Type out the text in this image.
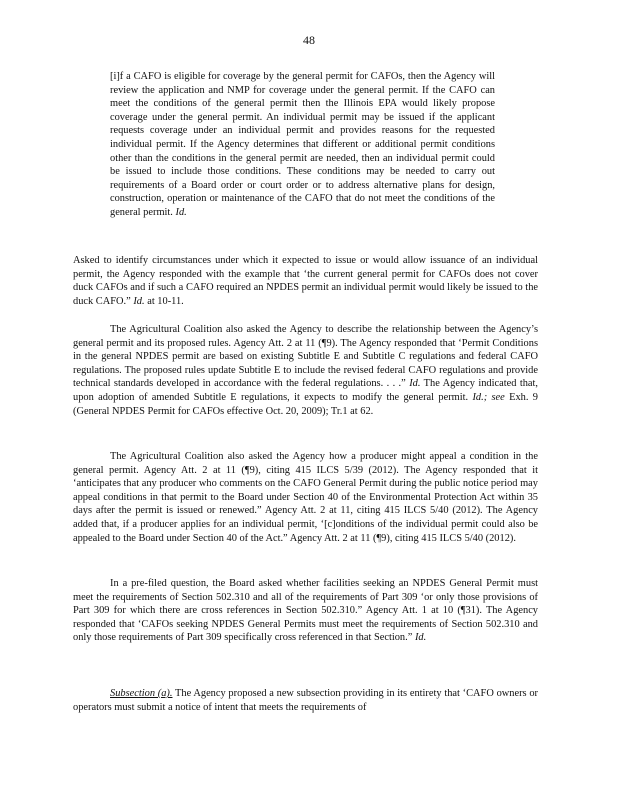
48

[i]f a CAFO is eligible for coverage by the general permit for CAFOs, then the Agency will review the application and NMP for coverage under the general permit. If the CAFO can meet the conditions of the general permit then the Illinois EPA would likely propose coverage under the general permit. An individual permit may be issued if the applicant requests coverage under an individual permit and provides reasons for the requested individual permit. If the Agency determines that different or additional permit conditions other than the conditions in the general permit are needed, then an individual permit could be issued to include those conditions. These conditions may be needed to carry out requirements of a Board order or court order or to address alternative plans for design, construction, operation or maintenance of the CAFO that do not meet the conditions of the general permit. Id.

Asked to identify circumstances under which it expected to issue or would allow issuance of an individual permit, the Agency responded with the example that ‘the current general permit for CAFOs does not cover duck CAFOs and if such a CAFO required an NPDES permit an individual permit would likely be issued to the duck CAFO.” Id. at 10-11.

The Agricultural Coalition also asked the Agency to describe the relationship between the Agency’s general permit and its proposed rules. Agency Att. 2 at 11 (¶9). The Agency responded that ‘Permit Conditions in the general NPDES permit are based on existing Subtitle E and Subtitle C regulations and federal CAFO regulations. The proposed rules update Subtitle E to include the revised federal CAFO regulations and provide technical standards developed in accordance with the federal regulations. . . .” Id. The Agency indicated that, upon adoption of amended Subtitle E regulations, it expects to modify the general permit. Id.; see Exh. 9 (General NPDES Permit for CAFOs effective Oct. 20, 2009); Tr.1 at 62.

The Agricultural Coalition also asked the Agency how a producer might appeal a condition in the general permit. Agency Att. 2 at 11 (¶9), citing 415 ILCS 5/39 (2012). The Agency responded that it ‘anticipates that any producer who comments on the CAFO General Permit during the public notice period may appeal conditions in that permit to the Board under Section 40 of the Environmental Protection Act within 35 days after the permit is issued or renewed.” Agency Att. 2 at 11, citing 415 ILCS 5/40 (2012). The Agency added that, if a producer applies for an individual permit, ‘[c]onditions of the individual permit could also be appealed to the Board under Section 40 of the Act.” Agency Att. 2 at 11 (¶9), citing 415 ILCS 5/40 (2012).

In a pre-filed question, the Board asked whether facilities seeking an NPDES General Permit must meet the requirements of Section 502.310 and all of the requirements of Part 309 ‘or only those provisions of Part 309 for which there are cross references in Section 502.310.” Agency Att. 1 at 10 (¶31). The Agency responded that ‘CAFOs seeking NPDES General Permits must meet the requirements of Section 502.310 and only those requirements of Part 309 specifically cross referenced in that Section.” Id.

Subsection (a). The Agency proposed a new subsection providing in its entirety that ‘CAFO owners or operators must submit a notice of intent that meets the requirements of
